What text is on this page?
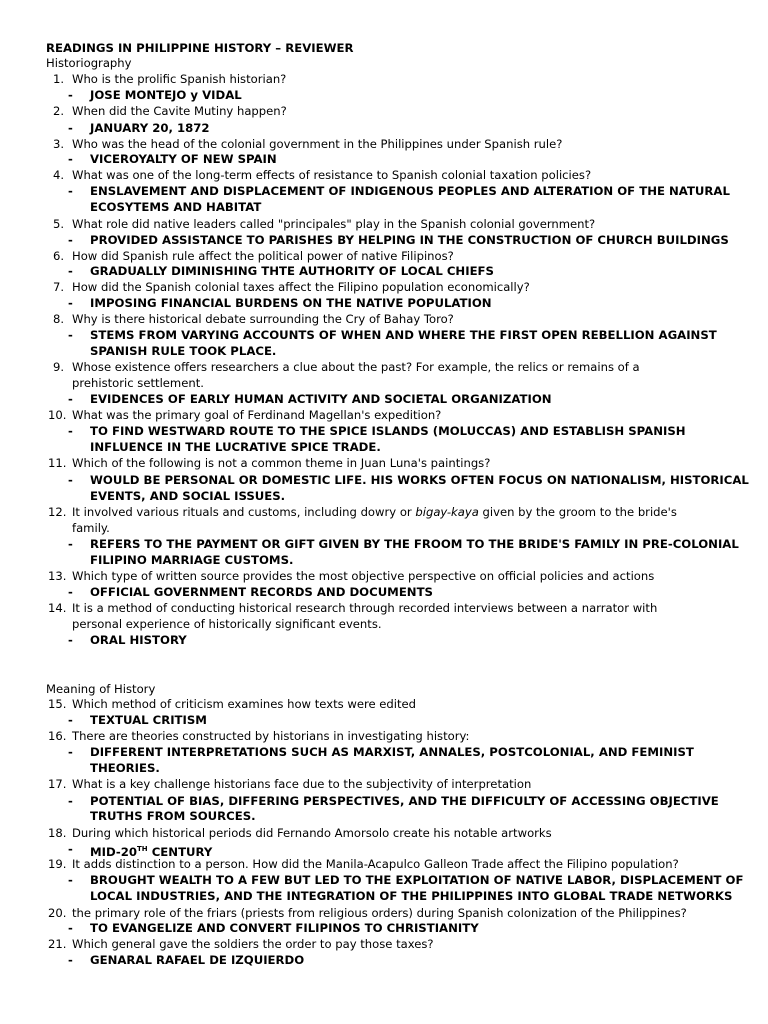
READINGS IN PHILIPPINE HISTORY – REVIEWER
Historiography
1. Who is the prolific Spanish historian?
- JOSE MONTEJO y VIDAL
2. When did the Cavite Mutiny happen?
- JANUARY 20, 1872
3. Who was the head of the colonial government in the Philippines under Spanish rule?
- VICEROYALTY OF NEW SPAIN
4. What was one of the long-term effects of resistance to Spanish colonial taxation policies?
- ENSLAVEMENT AND DISPLACEMENT OF INDIGENOUS PEOPLES AND ALTERATION OF THE NATURAL
ECOSYTEMS AND HABITAT
5. What role did native leaders called "principales" play in the Spanish colonial government?
- PROVIDED ASSISTANCE TO PARISHES BY HELPING IN THE CONSTRUCTION OF CHURCH BUILDINGS
6. How did Spanish rule affect the political power of native Filipinos?
- GRADUALLY DIMINISHING THTE AUTHORITY OF LOCAL CHIEFS
7. How did the Spanish colonial taxes affect the Filipino population economically?
- IMPOSING FINANCIAL BURDENS ON THE NATIVE POPULATION
8. Why is there historical debate surrounding the Cry of Bahay Toro?
- STEMS FROM VARYING ACCOUNTS OF WHEN AND WHERE THE FIRST OPEN REBELLION AGAINST
SPANISH RULE TOOK PLACE.
9. Whose existence offers researchers a clue about the past? For example, the relics or remains of a
prehistoric settlement.
- EVIDENCES OF EARLY HUMAN ACTIVITY AND SOCIETAL ORGANIZATION
10. What was the primary goal of Ferdinand Magellan's expedition?
- TO FIND WESTWARD ROUTE TO THE SPICE ISLANDS (MOLUCCAS) AND ESTABLISH SPANISH
INFLUENCE IN THE LUCRATIVE SPICE TRADE.
11. Which of the following is not a common theme in Juan Luna's paintings?
- WOULD BE PERSONAL OR DOMESTIC LIFE. HIS WORKS OFTEN FOCUS ON NATIONALISM, HISTORICAL
EVENTS, AND SOCIAL ISSUES.
12. It involved various rituals and customs, including dowry or bigay-kaya given by the groom to the bride's
family.
- REFERS TO THE PAYMENT OR GIFT GIVEN BY THE FROOM TO THE BRIDE'S FAMILY IN PRE-COLONIAL
FILIPINO MARRIAGE CUSTOMS.
13. Which type of written source provides the most objective perspective on official policies and actions
- OFFICIAL GOVERNMENT RECORDS AND DOCUMENTS
14. It is a method of conducting historical research through recorded interviews between a narrator with
personal experience of historically significant events.
- ORAL HISTORY
Meaning of History
15. Which method of criticism examines how texts were edited
- TEXTUAL CRITISM
16. There are theories constructed by historians in investigating history:
- DIFFERENT INTERPRETATIONS SUCH AS MARXIST, ANNALES, POSTCOLONIAL, AND FEMINIST
THEORIES.
17. What is a key challenge historians face due to the subjectivity of interpretation
- POTENTIAL OF BIAS, DIFFERING PERSPECTIVES, AND THE DIFFICULTY OF ACCESSING OBJECTIVE
TRUTHS FROM SOURCES.
18. During which historical periods did Fernando Amorsolo create his notable artworks
- MID-20TH CENTURY
19. It adds distinction to a person. How did the Manila-Acapulco Galleon Trade affect the Filipino population?
- BROUGHT WEALTH TO A FEW BUT LED TO THE EXPLOITATION OF NATIVE LABOR, DISPLACEMENT OF
LOCAL INDUSTRIES, AND THE INTEGRATION OF THE PHILIPPINES INTO GLOBAL TRADE NETWORKS
20. the primary role of the friars (priests from religious orders) during Spanish colonization of the Philippines?
- TO EVANGELIZE AND CONVERT FILIPINOS TO CHRISTIANITY
21. Which general gave the soldiers the order to pay those taxes?
- GENARAL RAFAEL DE IZQUIERDO
